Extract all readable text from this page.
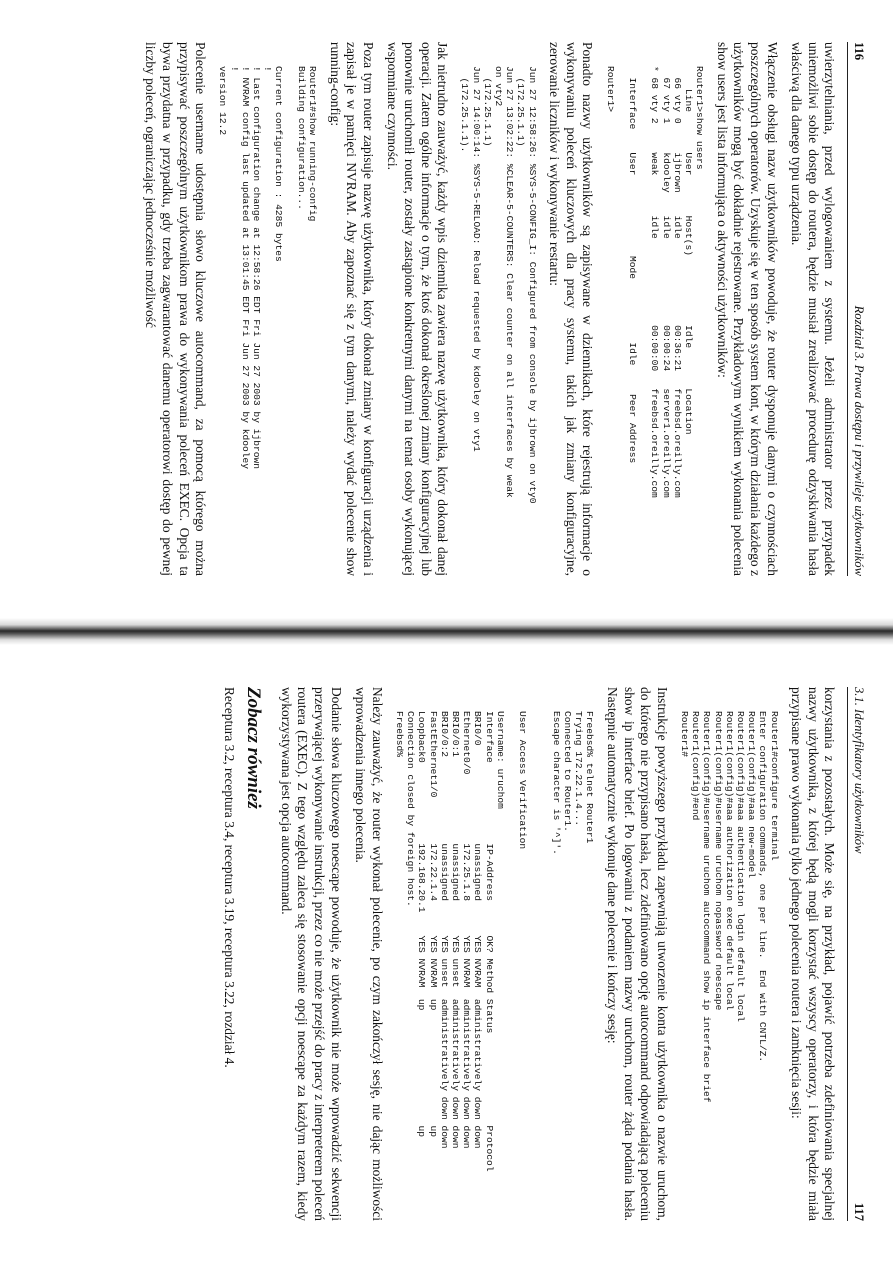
116
Rozdział 3. Prawa dostępu i przywileje użytkowników

uwierzytelniania, przed wylogowaniem z systemu. Jeżeli administrator przez przypadek uniemożliwi sobie dostęp do routera, będzie musiał zrealizować procedurę odzyskiwania hasła właściwą dla danego typu urządzenia.

Włączenie obsługi nazw użytkowników powoduje, że router dysponuje danymi o czynnościach poszczególnych operatorów. Uzyskuje się w ten sposób system kont, w którym działania każdego z użytkowników mogą być dokładnie rejestrowane. Przykładowym wynikiem wykonania polecenia show users jest lista informująca o aktywności użytkowników:

Router1>show users
Line       User       Host(s)            Idle       Location
66 vty 0     ijbrown    idle               00:36:21   freebsd.oreilly.com
67 vty 1     kdooley    idle               00:00:24   server1.oreilly.com
* 68 vty 2     weak       idle               00:00:00   freebsd.oreilly.com

Interface    User              Mode           Idle     Peer Address

Router1>

Ponadto nazwy użytkowników są zapisywane w dziennikach, które rejestrują informacje o wykonywaniu poleceń kluczowych dla pracy systemu, takich jak zmiany konfiguracyjne, zerowanie liczników i wykonywanie restartu:

Jun 27 12:58:26: %SYS-5-CONFIG_I: Configured from console by ijbrown on vty0
(172.25.1.1)
Jun 27 13:02:22: %CLEAR-5-COUNTERS: Clear counter on all interfaces by weak
on vty2
(172.25.1.1)
Jun 27 14:00:14: %SYS-5-RELOAD: Reload requested by kdooley on vty1
(172.25.1.1).

Jak nietrudno zauważyć, każdy wpis dziennika zawiera nazwę użytkownika, który dokonał danej operacji. Zatem ogólne informacje o tym, że ktoś dokonał określonej zmiany konfiguracyjnej lub ponownie uruchomił router, zostały zastąpione konkretnymi danymi na temat osoby wykonującej wspomniane czynności.

Poza tym router zapisuje nazwę użytkownika, który dokonał zmiany w konfiguracji urządzenia i zapisał je w pamięci NVRAM. Aby zapoznać się z tym danymi, należy wydać polecenie show running-config:

Router1#show running-config
Building configuration...

Current configuration : 4285 bytes
!
! Last configuration change at 12:58:26 EDT Fri Jun 27 2003 by ijbrown
! NVRAM config last updated at 13:01:45 EDT Fri Jun 27 2003 by kdooley
!
version 12.2

Polecenie username udostępnia słowo kluczowe autocommand, za pomocą którego można przypisywać poszczególnym użytkownikom prawa do wykonywania poleceń EXEC. Opcja ta bywa przydatna w przypadku, gdy trzeba zagwarantować danemu operatorowi dostęp do pewnej liczby poleceń, ograniczając jednocześnie możliwość

3.1. Identyfikatory użytkowników
117

korzystania z pozostałych. Może się, na przykład, pojawić potrzeba zdefiniowania specjalnej nazwy użytkownika, z której będą mogli korzystać wszyscy operatorzy, i która będzie miała przypisane prawo wykonania tylko jednego polecenia routera i zamknięcia sesji:

Router1#configure terminal
Enter configuration commands, one per line.  End with CNTL/Z.
Router1(config)#aaa new-model
Router1(config)#aaa authentication login default local
Router1(config)#aaa authorization exec default local
Router1(config)#username uruchom nopassword noescape
Router1(config)#username uruchom autocommand show ip interface brief
Router1(config)#end
Router1#

Instrukcje powyższego przykładu zapewniają utworzenie konta użytkownika o nazwie uruchom, do którego nie przypisano hasła, lecz zdefiniowano opcję autocommand odpowiadającą poleceniu show ip interface brief. Po logowaniu z podaniem nazwy uruchom, router żąda podania hasła. Następnie automatycznie wykonuje dane polecenie i kończy sesję:

Freebsd% telnet Router1
Trying 172.22.1.4...
Connected to Router1.
Escape character is '^]'.

User Access Verification

Username: uruchom
Interface              IP-Address      OK? Method Status                Protocol
BRI0/0                 unassigned      YES NVRAM  administratively down down
Ethernet0/0            172.25.1.8      YES NVRAM  administratively down down
BRI0/0:1               unassigned      YES unset  administratively down down
BRI0/0:2               unassigned      YES unset  administratively down down
FastEthernet1/0        172.22.1.4      YES NVRAM  up                    up
Loopback0              192.168.20.1    YES NVRAM  up                    up
Connection closed by foreign host.
Freebsd%

Należy zauważyć, że router wykonał polecenie, po czym zakończył sesję, nie dając możliwości wprowadzenia innego polecenia.

Dodanie słowa kluczowego noescape powoduje, że użytkownik nie może wprowadzić sekwencji przerywającej wykonywanie instrukcji, przez co nie może przejść do pracy z interpreterem poleceń routera (EXEC). Z tego względu zaleca się stosowanie opcji noescape za każdym razem, kiedy wykorzystywana jest opcja autocommand.

Zobacz również

Receptura 3.2, receptura 3.4, receptura 3.19, receptura 3.22, rozdział 4.
